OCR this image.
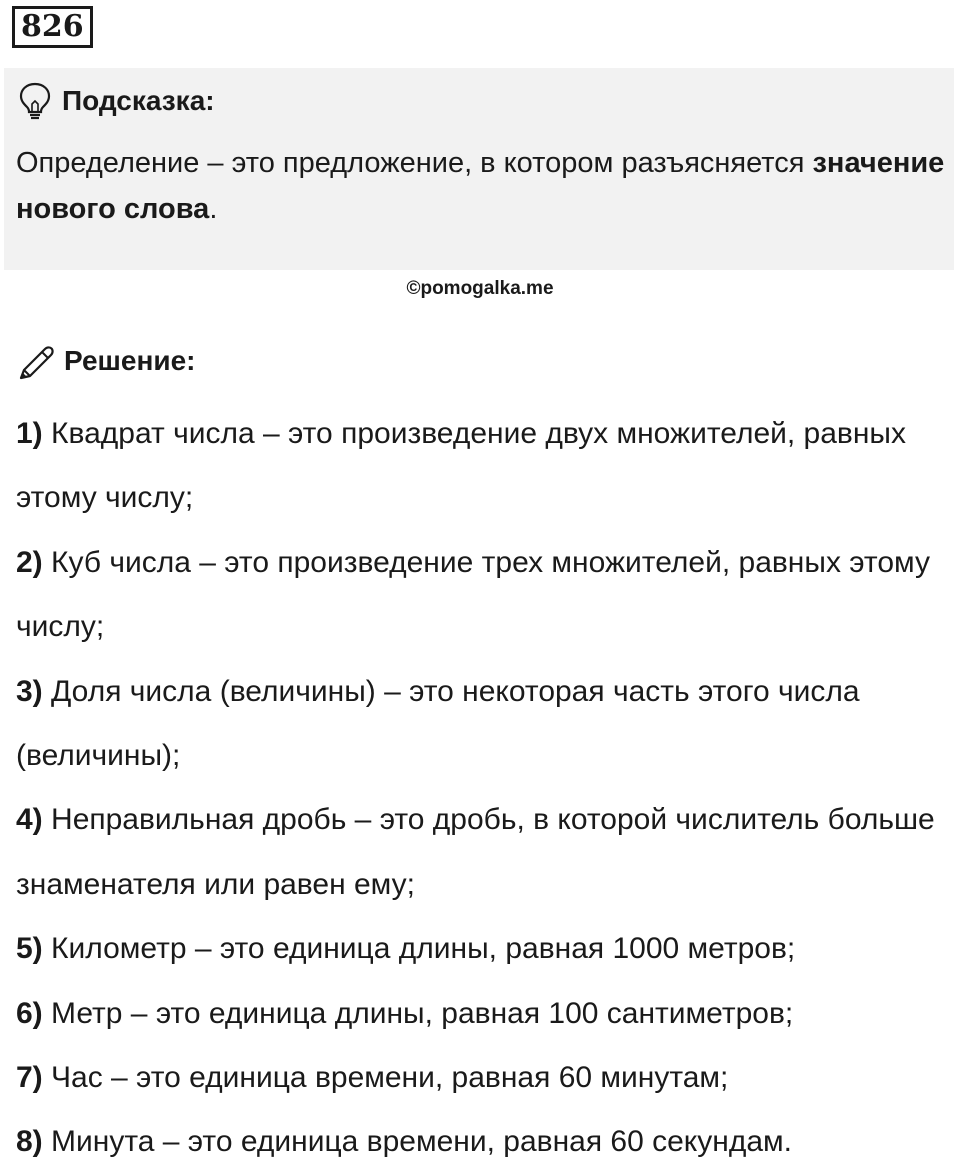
826
Подсказка:
Определение – это предложение, в котором разъясняется значение нового слова.
©pomogalka.me
Решение:
1) Квадрат числа – это произведение двух множителей, равных этому числу;
2) Куб числа – это произведение трех множителей, равных этому числу;
3) Доля числа (величины) – это некоторая часть этого числа (величины);
4) Неправильная дробь – это дробь, в которой числитель больше знаменателя или равен ему;
5) Километр – это единица длины, равная 1000 метров;
6) Метр – это единица длины, равная 100 сантиметров;
7) Час – это единица времени, равная 60 минутам;
8) Минута – это единица времени, равная 60 секундам.
